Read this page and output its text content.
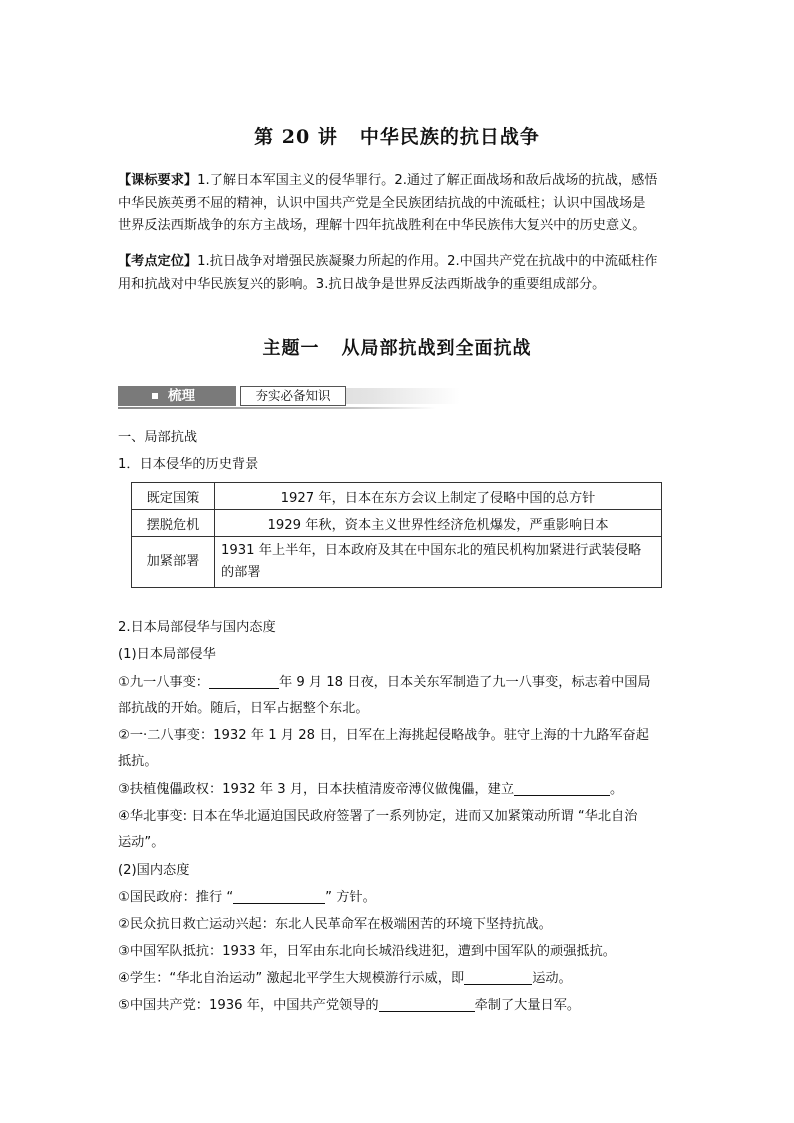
第 20 讲 中华民族的抗日战争
【课标要求】1.了解日本军国主义的侵华罪行。2.通过了解正面战场和敌后战场的抗战，感悟
中华民族英勇不屈的精神，认识中国共产党是全民族团结抗战的中流砥柱；认识中国战场是
世界反法西斯战争的东方主战场，理解十四年抗战胜利在中华民族伟大复兴中的历史意义。
【考点定位】1.抗日战争对增强民族凝聚力所起的作用。2.中国共产党在抗战中的中流砥柱作
用和抗战对中华民族复兴的影响。3.抗日战争是世界反法西斯战争的重要组成部分。
主题一 从局部抗战到全面抗战
梳理	夯实必备知识
一、局部抗战
1．日本侵华的历史背景
既定国策	1927 年，日本在东方会议上制定了侵略中国的总方针
摆脱危机	1929 年秋，资本主义世界性经济危机爆发，严重影响日本
加紧部署	1931 年上半年，日本政府及其在中国东北的殖民机构加紧进行武装侵略
的部署
2.日本局部侵华与国内态度
(1)日本局部侵华
①九一八事变：	年 9 月 18 日夜，日本关东军制造了九一八事变，标志着中国局
部抗战的开始。随后，日军占据整个东北。
②一·二八事变：1932 年 1 月 28 日，日军在上海挑起侵略战争。驻守上海的十九路军奋起
抵抗。
③扶植傀儡政权：1932 年 3 月，日本扶植清废帝溥仪做傀儡，建立	。
④华北事变: 日本在华北逼迫国民政府签署了一系列协定，进而又加紧策动所谓 “华北自治
运动”。
(2)国内态度
①国民政府：推行 “	” 方针。
②民众抗日救亡运动兴起：东北人民革命军在极端困苦的环境下坚持抗战。
③中国军队抵抗：1933 年，日军由东北向长城沿线进犯，遭到中国军队的顽强抵抗。
④学生：“华北自治运动” 激起北平学生大规模游行示威，即	运动。
⑤中国共产党：1936 年，中国共产党领导的	牵制了大量日军。
